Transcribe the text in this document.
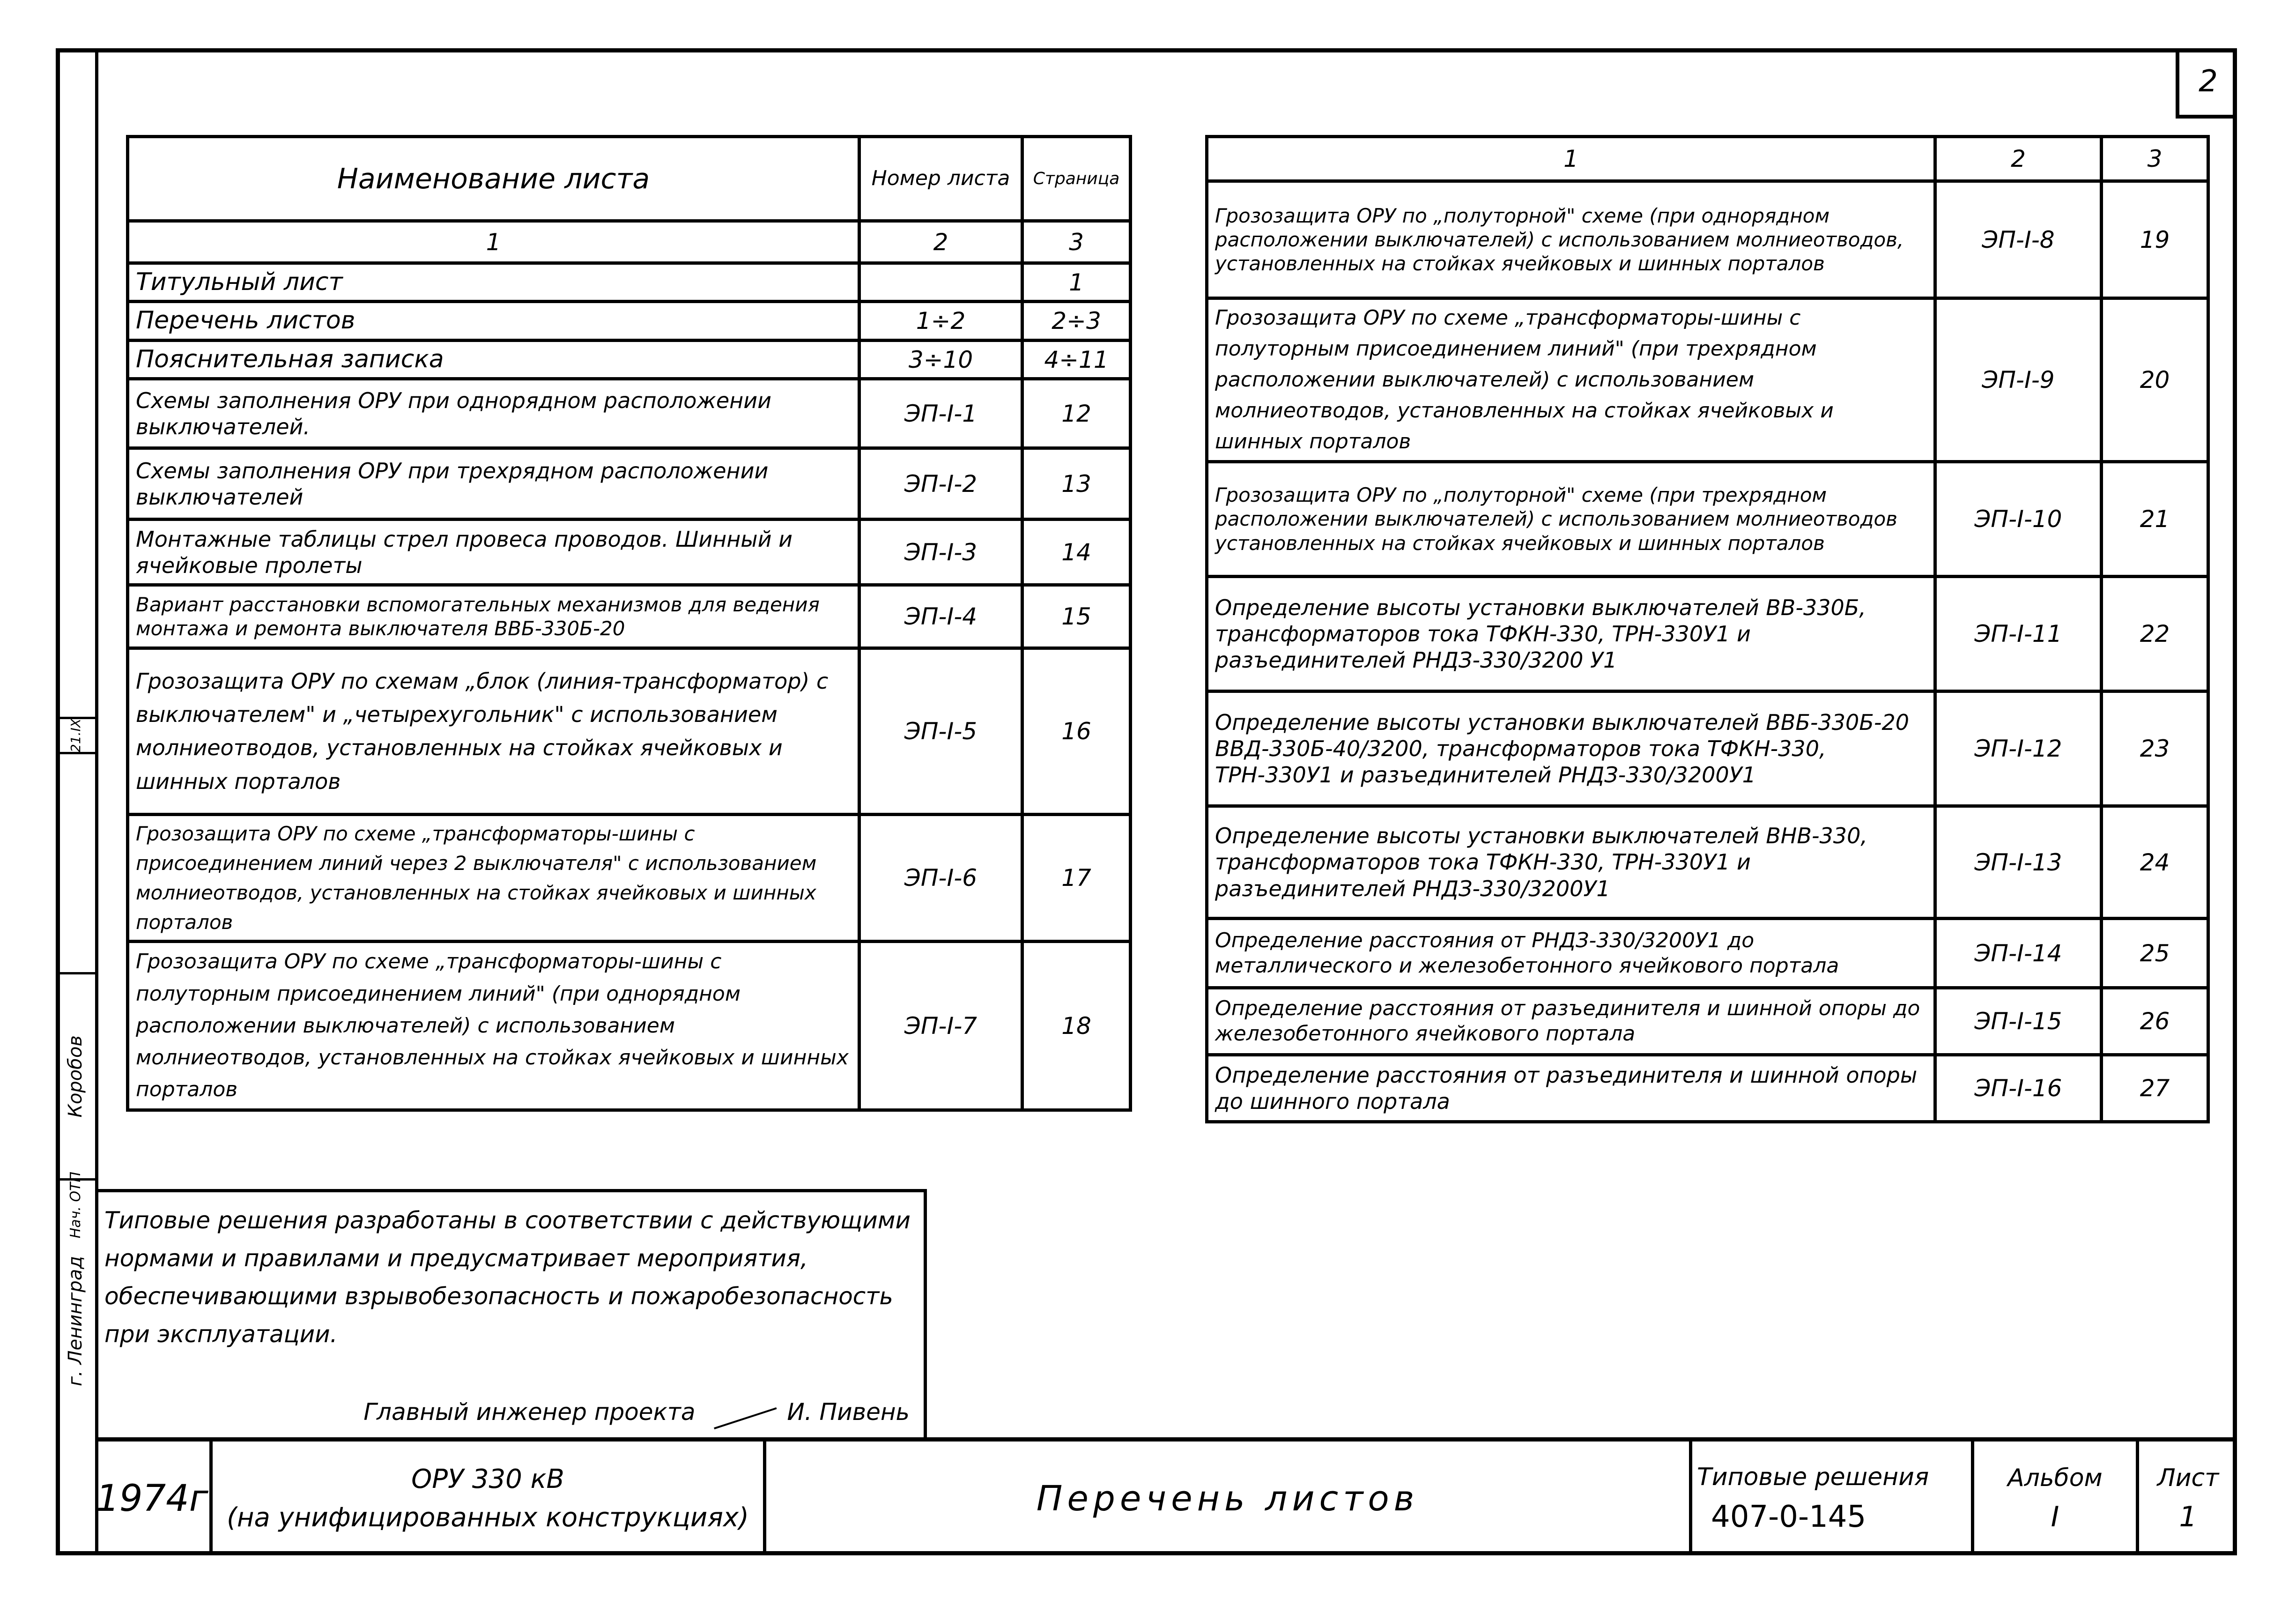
2
г. Ленинград
Коробов
Нач. ОТП
21.IX
Наименование листа	Номер листа	Страница
1	2	3
Титульный лист		1
Перечень листов	1÷2	2÷3
Пояснительная записка	3÷10	4÷11
Схемы заполнения ОРУ при однорядном расположении выключателей.	ЭП-I-1	12
Схемы заполнения ОРУ при трехрядном расположении выключателей	ЭП-I-2	13
Монтажные таблицы стрел провеса проводов. Шинный и ячейковые пролеты	ЭП-I-3	14
Вариант расстановки вспомогательных механизмов для ведения монтажа и ремонта выключателя ВВБ-330Б-20	ЭП-I-4	15
Грозозащита ОРУ по схемам „блок (линия-трансформатор) с выключателем" и „четырехугольник" с использованием молниеотводов, установленных на стойках ячейковых и шинных порталов	ЭП-I-5	16
Грозозащита ОРУ по схеме „трансформаторы-шины с присоединением линий через 2 выключателя" с использованием молниеотводов, установленных на стойках ячейковых и шинных порталов	ЭП-I-6	17
Грозозащита ОРУ по схеме „трансформаторы-шины с полуторным присоединением линий" (при однорядном расположении выключателей) с использованием молниеотводов, установленных на стойках ячейковых и шинных порталов	ЭП-I-7	18
1	2	3
Грозозащита ОРУ по „полуторной" схеме (при однорядном расположении выключателей) с использованием молниеотводов, установленных на стойках ячейковых и шинных порталов	ЭП-I-8	19
Грозозащита ОРУ по схеме „трансформаторы-шины с полуторным присоединением линий" (при трехрядном расположении выключателей) с использованием молниеотводов, установленных на стойках ячейковых и шинных порталов	ЭП-I-9	20
Грозозащита ОРУ по „полуторной" схеме (при трехрядном расположении выключателей) с использованием молниеотводов установленных на стойках ячейковых и шинных порталов	ЭП-I-10	21
Определение высоты установки выключателей ВВ-330Б, трансформаторов тока ТФКН-330, ТРН-330У1 и разъединителей РНДЗ-330/3200 У1	ЭП-I-11	22
Определение высоты установки выключателей ВВБ-330Б-20 ВВД-330Б-40/3200, трансформаторов тока ТФКН-330, ТРН-330У1 и разъединителей РНДЗ-330/3200У1	ЭП-I-12	23
Определение высоты установки выключателей ВНВ-330, трансформаторов тока ТФКН-330, ТРН-330У1 и разъединителей РНДЗ-330/3200У1	ЭП-I-13	24
Определение расстояния от РНДЗ-330/3200У1 до металлического и железобетонного ячейкового портала	ЭП-I-14	25
Определение расстояния от разъединителя и шинной опоры до железобетонного ячейкового портала	ЭП-I-15	26
Определение расстояния от разъединителя и шинной опоры до шинного портала	ЭП-I-16	27
Типовые решения разработаны в соответствии с действующими нормами и правилами и предусматривает мероприятия, обеспечивающими взрывобезопасность и пожаробезопасность при эксплуатации.
Главный инженер проекта	И. Пивень
1974г	ОРУ 330 кВ
(на унифицированных конструкциях)	Перечень листов
Типовые решения
407-0-145
Альбом
I
Лист
1
